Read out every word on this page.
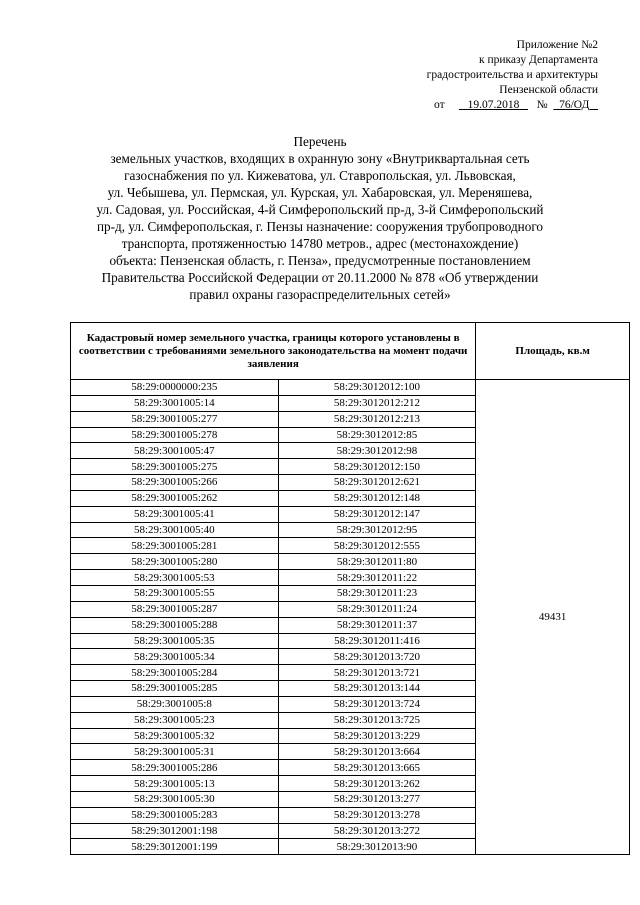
Приложение №2
к приказу Департамента
градостроительства и архитектуры
Пензенской области
от 19.07.2018 № 76/ОД
Перечень
земельных участков, входящих в охранную зону «Внутриквартальная сеть
газоснабжения по ул. Кижеватова, ул. Ставропольская, ул. Львовская,
ул. Чебышева, ул. Пермская, ул. Курская, ул. Хабаровская, ул. Мереняшева,
ул. Садовая, ул. Российская, 4-й Симферопольский пр-д, 3-й Симферопольский
пр-д, ул. Симферопольская, г. Пензы назначение: сооружения трубопроводного
транспорта, протяженностью 14780 метров., адрес (местонахождение)
объекта: Пензенская область, г. Пенза», предусмотренные постановлением
Правительства Российской Федерации от 20.11.2000 № 878 «Об утверждении
правил охраны газораспределительных сетей»
Кадастровый номер земельного участка, границы которого установлены в соответствии с требованиями земельного законодательства на момент подачи заявления		Площадь, кв.м
58:29:0000000:235	58:29:3012012:100	49431
58:29:3001005:14	58:29:3012012:212	
58:29:3001005:277	58:29:3012012:213	
58:29:3001005:278	58:29:3012012:85	
58:29:3001005:47	58:29:3012012:98	
58:29:3001005:275	58:29:3012012:150	
58:29:3001005:266	58:29:3012012:621	
58:29:3001005:262	58:29:3012012:148	
58:29:3001005:41	58:29:3012012:147	
58:29:3001005:40	58:29:3012012:95	
58:29:3001005:281	58:29:3012012:555	
58:29:3001005:280	58:29:3012011:80	
58:29:3001005:53	58:29:3012011:22	
58:29:3001005:55	58:29:3012011:23	
58:29:3001005:287	58:29:3012011:24	
58:29:3001005:288	58:29:3012011:37	
58:29:3001005:35	58:29:3012011:416	
58:29:3001005:34	58:29:3012013:720	
58:29:3001005:284	58:29:3012013:721	
58:29:3001005:285	58:29:3012013:144	
58:29:3001005:8	58:29:3012013:724	
58:29:3001005:23	58:29:3012013:725	
58:29:3001005:32	58:29:3012013:229	
58:29:3001005:31	58:29:3012013:664	
58:29:3001005:286	58:29:3012013:665	
58:29:3001005:13	58:29:3012013:262	
58:29:3001005:30	58:29:3012013:277	
58:29:3001005:283	58:29:3012013:278	
58:29:3012001:198	58:29:3012013:272	
58:29:3012001:199	58:29:3012013:90	
